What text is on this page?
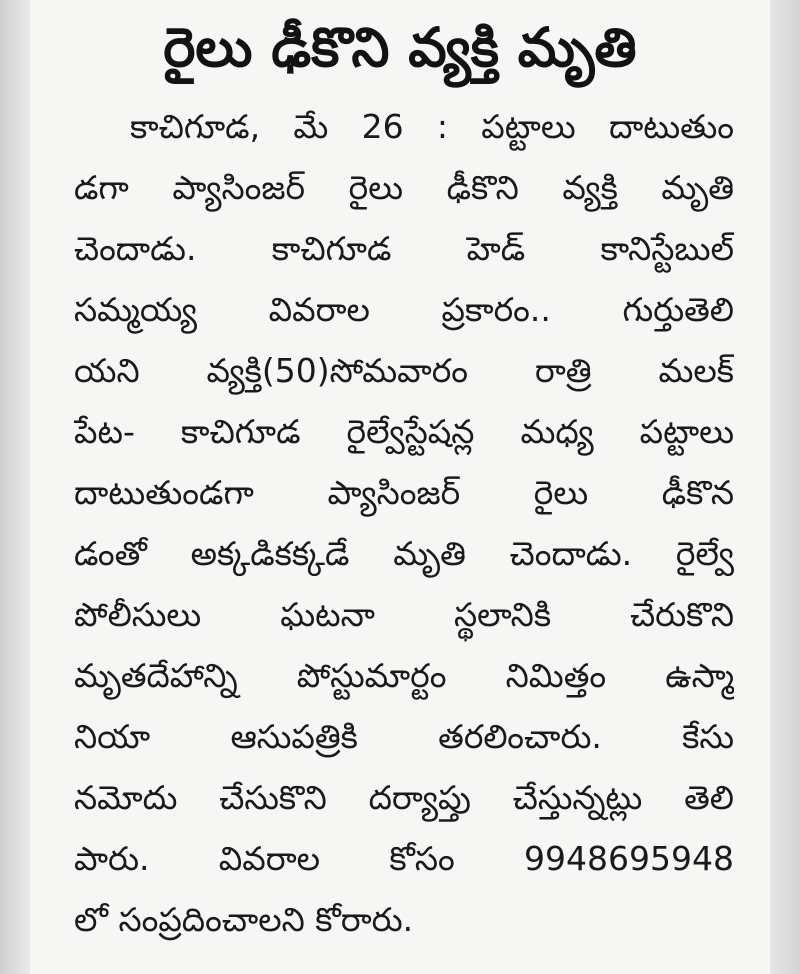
రైలు ఢీకొని వ్యక్తి మృతి
కాచిగూడ, మే 26 : పట్టాలు దాటుతుం
డగా ప్యాసింజర్ రైలు ఢీకొని వ్యక్తి మృతి
చెందాడు. కాచిగూడ హెడ్ కానిస్టేబుల్
సమ్మయ్య వివరాల ప్రకారం.. గుర్తుతెలి
యని వ్యక్తి(50)సోమవారం రాత్రి మలక్
పేట- కాచిగూడ రైల్వేస్టేషన్ల మధ్య పట్టాలు
దాటుతుండగా ప్యాసింజర్ రైలు ఢీకొన
డంతో అక్కడికక్కడే మృతి చెందాడు. రైల్వే
పోలీసులు ఘటనా స్థలానికి చేరుకొని
మృతదేహాన్ని పోస్టుమార్టం నిమిత్తం ఉస్మా
నియా ఆసుపత్రికి తరలించారు. కేసు
నమోదు చేసుకొని దర్యాప్తు చేస్తున్నట్లు తెలి
పారు. వివరాల కోసం 9948695948
లో సంప్రదించాలని కోరారు.
